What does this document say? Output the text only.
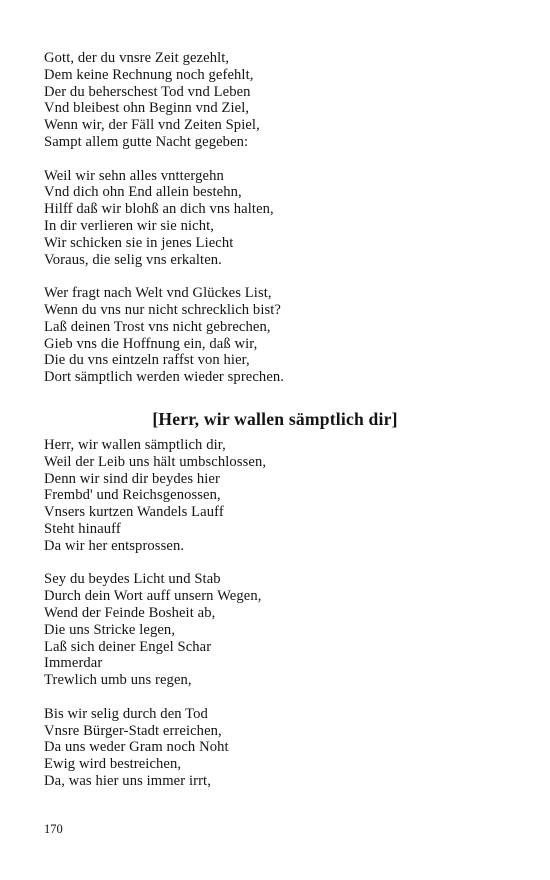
Gott, der du vnsre Zeit gezehlt,
Dem keine Rechnung noch gefehlt,
Der du beherschest Tod vnd Leben
Vnd bleibest ohn Beginn vnd Ziel,
Wenn wir, der Fäll vnd Zeiten Spiel,
Sampt allem gutte Nacht gegeben:
Weil wir sehn alles vnttergehn
Vnd dich ohn End allein bestehn,
Hilff daß wir blohß an dich vns halten,
In dir verlieren wir sie nicht,
Wir schicken sie in jenes Liecht
Voraus, die selig vns erkalten.
Wer fragt nach Welt vnd Glückes List,
Wenn du vns nur nicht schrecklich bist?
Laß deinen Trost vns nicht gebrechen,
Gieb vns die Hoffnung ein, daß wir,
Die du vns eintzeln raffst von hier,
Dort sämptlich werden wieder sprechen.
[Herr, wir wallen sämptlich dir]
Herr, wir wallen sämptlich dir,
Weil der Leib uns hält umbschlossen,
Denn wir sind dir beydes hier
Frembd' und Reichsgenossen,
Vnsers kurtzen Wandels Lauff
Steht hinauff
Da wir her entsprossen.
Sey du beydes Licht und Stab
Durch dein Wort auff unsern Wegen,
Wend der Feinde Bosheit ab,
Die uns Stricke legen,
Laß sich deiner Engel Schar
Immerdar
Trewlich umb uns regen,
Bis wir selig durch den Tod
Vnsre Bürger-Stadt erreichen,
Da uns weder Gram noch Noht
Ewig wird bestreichen,
Da, was hier uns immer irrt,
170
